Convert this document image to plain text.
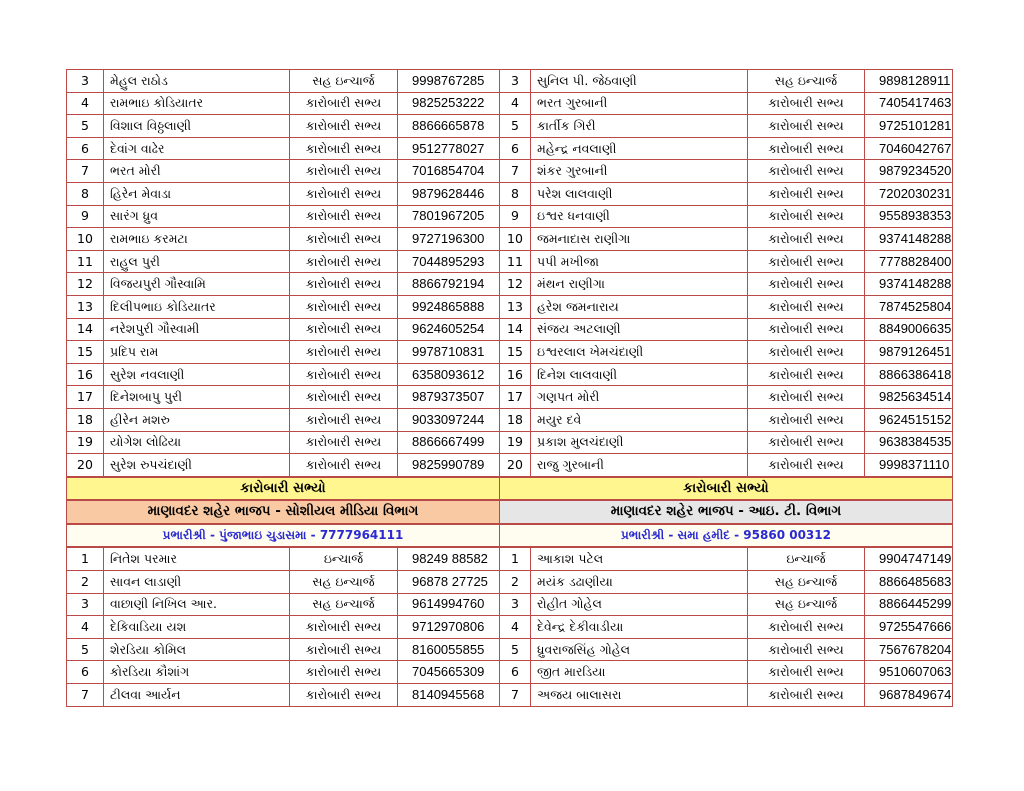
3	મેહુલ રાઠોડ	સહ ઇન્ચાર્જ	9998767285
4	રામભાઇ કોડિયાતર	કારોબારી સભ્ય	9825253222
5	વિશાલ વિઠ્ઠલાણી	કારોબારી સભ્ય	8866665878
6	દેવાંગ વાઢેર	કારોબારી સભ્ય	9512778027
7	ભરત મોરી	કારોબારી સભ્ય	7016854704
8	હિરેન મેવાડા	કારોબારી સભ્ય	9879628446
9	સારંગ ધ્રુવ	કારોબારી સભ્ય	7801967205
10	રામભાઇ કરમટા	કારોબારી સભ્ય	9727196300
11	રાહુલ પુરી	કારોબારી સભ્ય	7044895293
12	વિજયપુરી ગૌસ્વામિ	કારોબારી સભ્ય	8866792194
13	દિલીપભાઇ કોડિયાતર	કારોબારી સભ્ય	9924865888
14	નરેશપુરી ગૌસ્વામી	કારોબારી સભ્ય	9624605254
15	પ્રદિપ રામ	કારોબારી સભ્ય	9978710831
16	સુરેશ નવલાણી	કારોબારી સભ્ય	6358093612
17	દિનેશબાપુ પુરી	કારોબારી સભ્ય	9879373507
18	હીરેન મશરુ	કારોબારી સભ્ય	9033097244
19	યોગેશ લોઢિયા	કારોબારી સભ્ય	8866667499
20	સુરેશ રુપચંદાણી	કારોબારી સભ્ય	9825990789
કારોબારી સભ્યો
માણાવદર શહેર ભાજપ - સોશીયલ મીડિયા વિભાગ
પ્રભારીશ્રી - પુંજાભાઇ ચુડાસમા - 7777964111
1	નિતેશ પરમાર	ઇન્ચાર્જ	98249 88582
2	સાવન લાડાણી	સહ ઇન્ચાર્જ	96878 27725
3	વાછાણી નિખિલ આર.	સહ ઇન્ચાર્જ	9614994760
4	દેકિવાડિયા યશ	કારોબારી સભ્ય	9712970806
5	શેરડિયા કોમિલ	કારોબારી સભ્ય	8160055855
6	કોરડિયા કૌશાંગ	કારોબારી સભ્ય	7045665309
7	ટીલવા આર્યન	કારોબારી સભ્ય	8140945568
3	સુનિલ પી. જેઠવાણી	સહ ઇન્ચાર્જ	9898128911
4	ભરત ગુરબાની	કારોબારી સભ્ય	7405417463
5	કાર્તીક ગિરી	કારોબારી સભ્ય	9725101281
6	મહેન્દ્ર નવલાણી	કારોબારી સભ્ય	7046042767
7	શંકર ગુરબાની	કારોબારી સભ્ય	9879234520
8	પરેશ લાલવાણી	કારોબારી સભ્ય	7202030231
9	ઇશ્વર ધનવાણી	કારોબારી સભ્ય	9558938353
10	જમનાદાસ રાણીગા	કારોબારી સભ્ય	9374148288
11	પપી મખીજા	કારોબારી સભ્ય	7778828400
12	મંથન રાણીગા	કારોબારી સભ્ય	9374148288
13	હરેશ જમનારાય	કારોબારી સભ્ય	7874525804
14	સંજય અટલાણી	કારોબારી સભ્ય	8849006635
15	ઇશ્વરલાલ ખેમચંદાણી	કારોબારી સભ્ય	9879126451
16	દિનેશ લાલવાણી	કારોબારી સભ્ય	8866386418
17	ગણપત મોરી	કારોબારી સભ્ય	9825634514
18	મયુર દવે	કારોબારી સભ્ય	9624515152
19	પ્રકાશ મુલચંદાણી	કારોબારી સભ્ય	9638384535
20	રાજુ ગુરબાની	કારોબારી સભ્ય	9998371110
કારોબારી સભ્યો
માણાવદર શહેર ભાજપ - આઇ. ટી. વિભાગ
પ્રભારીશ્રી - સમા હમીદ - 95860 00312
1	આકાશ પટેલ	ઇન્ચાર્જ	9904747149
2	મયંક ડઢાણીયા	સહ ઇન્ચાર્જ	8866485683
3	રોહીત ગોહેલ	સહ ઇન્ચાર્જ	8866445299
4	દેવેન્દ્ર દેકીવાડીયા	કારોબારી સભ્ય	9725547666
5	ધ્રુવરાજસિંહ ગોહેલ	કારોબારી સભ્ય	7567678204
6	જીત મારડિયા	કારોબારી સભ્ય	9510607063
7	અજય બાલાસરા	કારોબારી સભ્ય	9687849674
